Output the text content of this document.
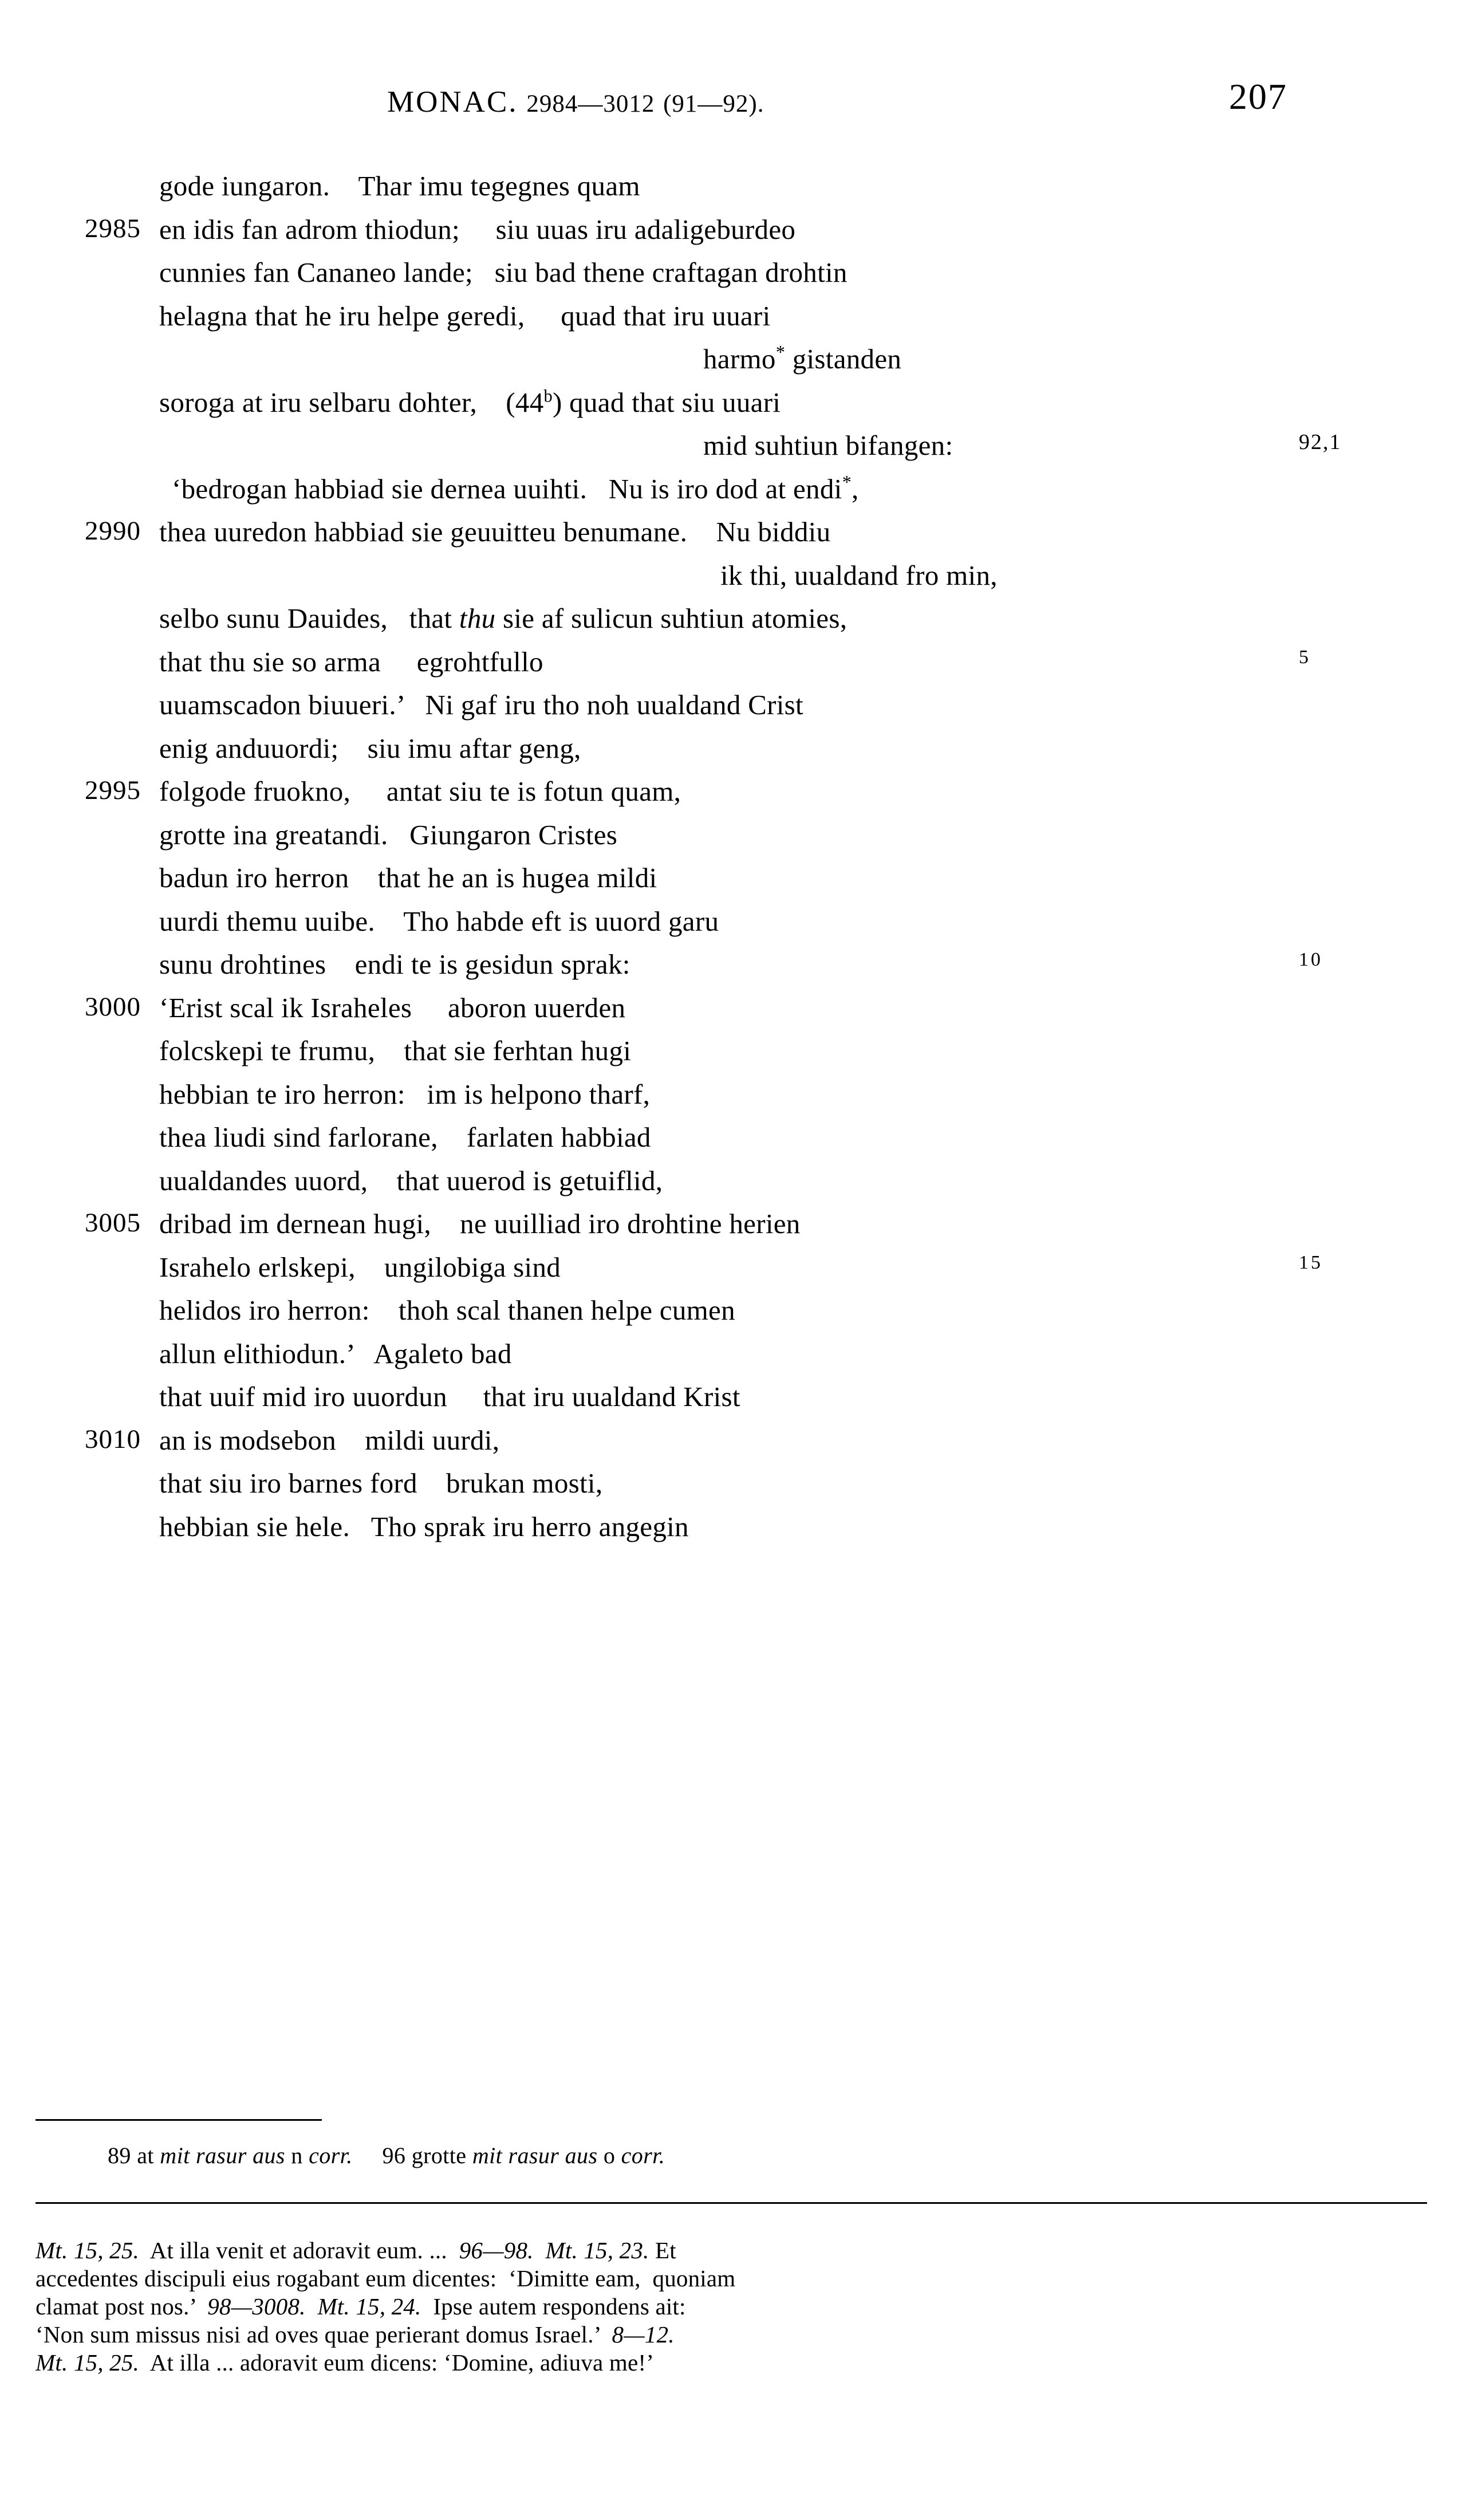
MONAC. 2984—3012 (91—92).	207
gode iungaron.    Thar imu tegegnes quam
2985 en idis fan adrom thiodun;     siu uuas iru adaligeburdeo
cunnies fan Cananeo lande;   siu bad thene craftagan drohtin
helagna that he iru helpe geredi,     quad that iru uuari
harmo* gistanden
soroga at iru selbaru dohter,    (44$^b$) quad that siu uuari
mid suhtiun bifangen:	92,1
‘bedrogan habbiad sie dernea uuihti.   Nu is iro dod at endi*,
2990 thea uuredon habbiad sie geuuitteu benumane.    Nu biddiu
ik thi, uualdand fro min,
selbo sunu Dauides,   that thu sie af sulicun suhtiun atomies,
that thu sie so arma     egrohtfullo	5
uuamscadon biuueri.’   Ni gaf iru tho noh uualdand Crist
enig anduuordi;    siu imu aftar geng,
2995 folgode fruokno,     antat siu te is fotun quam,
grotte ina greatandi.   Giungaron Cristes
badun iro herron    that he an is hugea mildi
uurdi themu uuibe.    Tho habde eft is uuord garu
sunu drohtines    endi te is gesidun sprak:	10
3000 ‘Erist scal ik Israheles     aboron uuerden
folcskepi te frumu,    that sie ferhtan hugi
hebbian te iro herron:   im is helpono tharf,
thea liudi sind farlorane,    farlaten habbiad
uualdandes uuord,    that uuerod is getuiflid,
3005 dribad im dernean hugi,    ne uuilliad iro drohtine herien
Israhelo erlskepi,    ungilobiga sind	15
helidos iro herron:    thoh scal thanen helpe cumen
allun elithiodun.’   Agaleto bad
that uuif mid iro uuordun     that iru uualdand Krist
3010 an is modsebon    mildi uurdi,
that siu iro barnes ford    brukan mosti,
hebbian sie hele.   Tho sprak iru herro angegin
89 at mit rasur aus n corr. 96 grotte mit rasur aus o corr.
Mt. 15, 25.  At illa venit et adoravit eum. ...  96—98. Mt. 15, 23. Et
accedentes discipuli eius rogabant eum dicentes:  ‘Dimitte eam,  quoniam
clamat post nos.’  98—3008. Mt. 15, 24.  Ipse autem respondens ait:
‘Non sum missus nisi ad oves quae perierant domus Israel.’  8—12.
Mt. 15, 25.  At illa ... adoravit eum dicens: ‘Domine, adiuva me!’
